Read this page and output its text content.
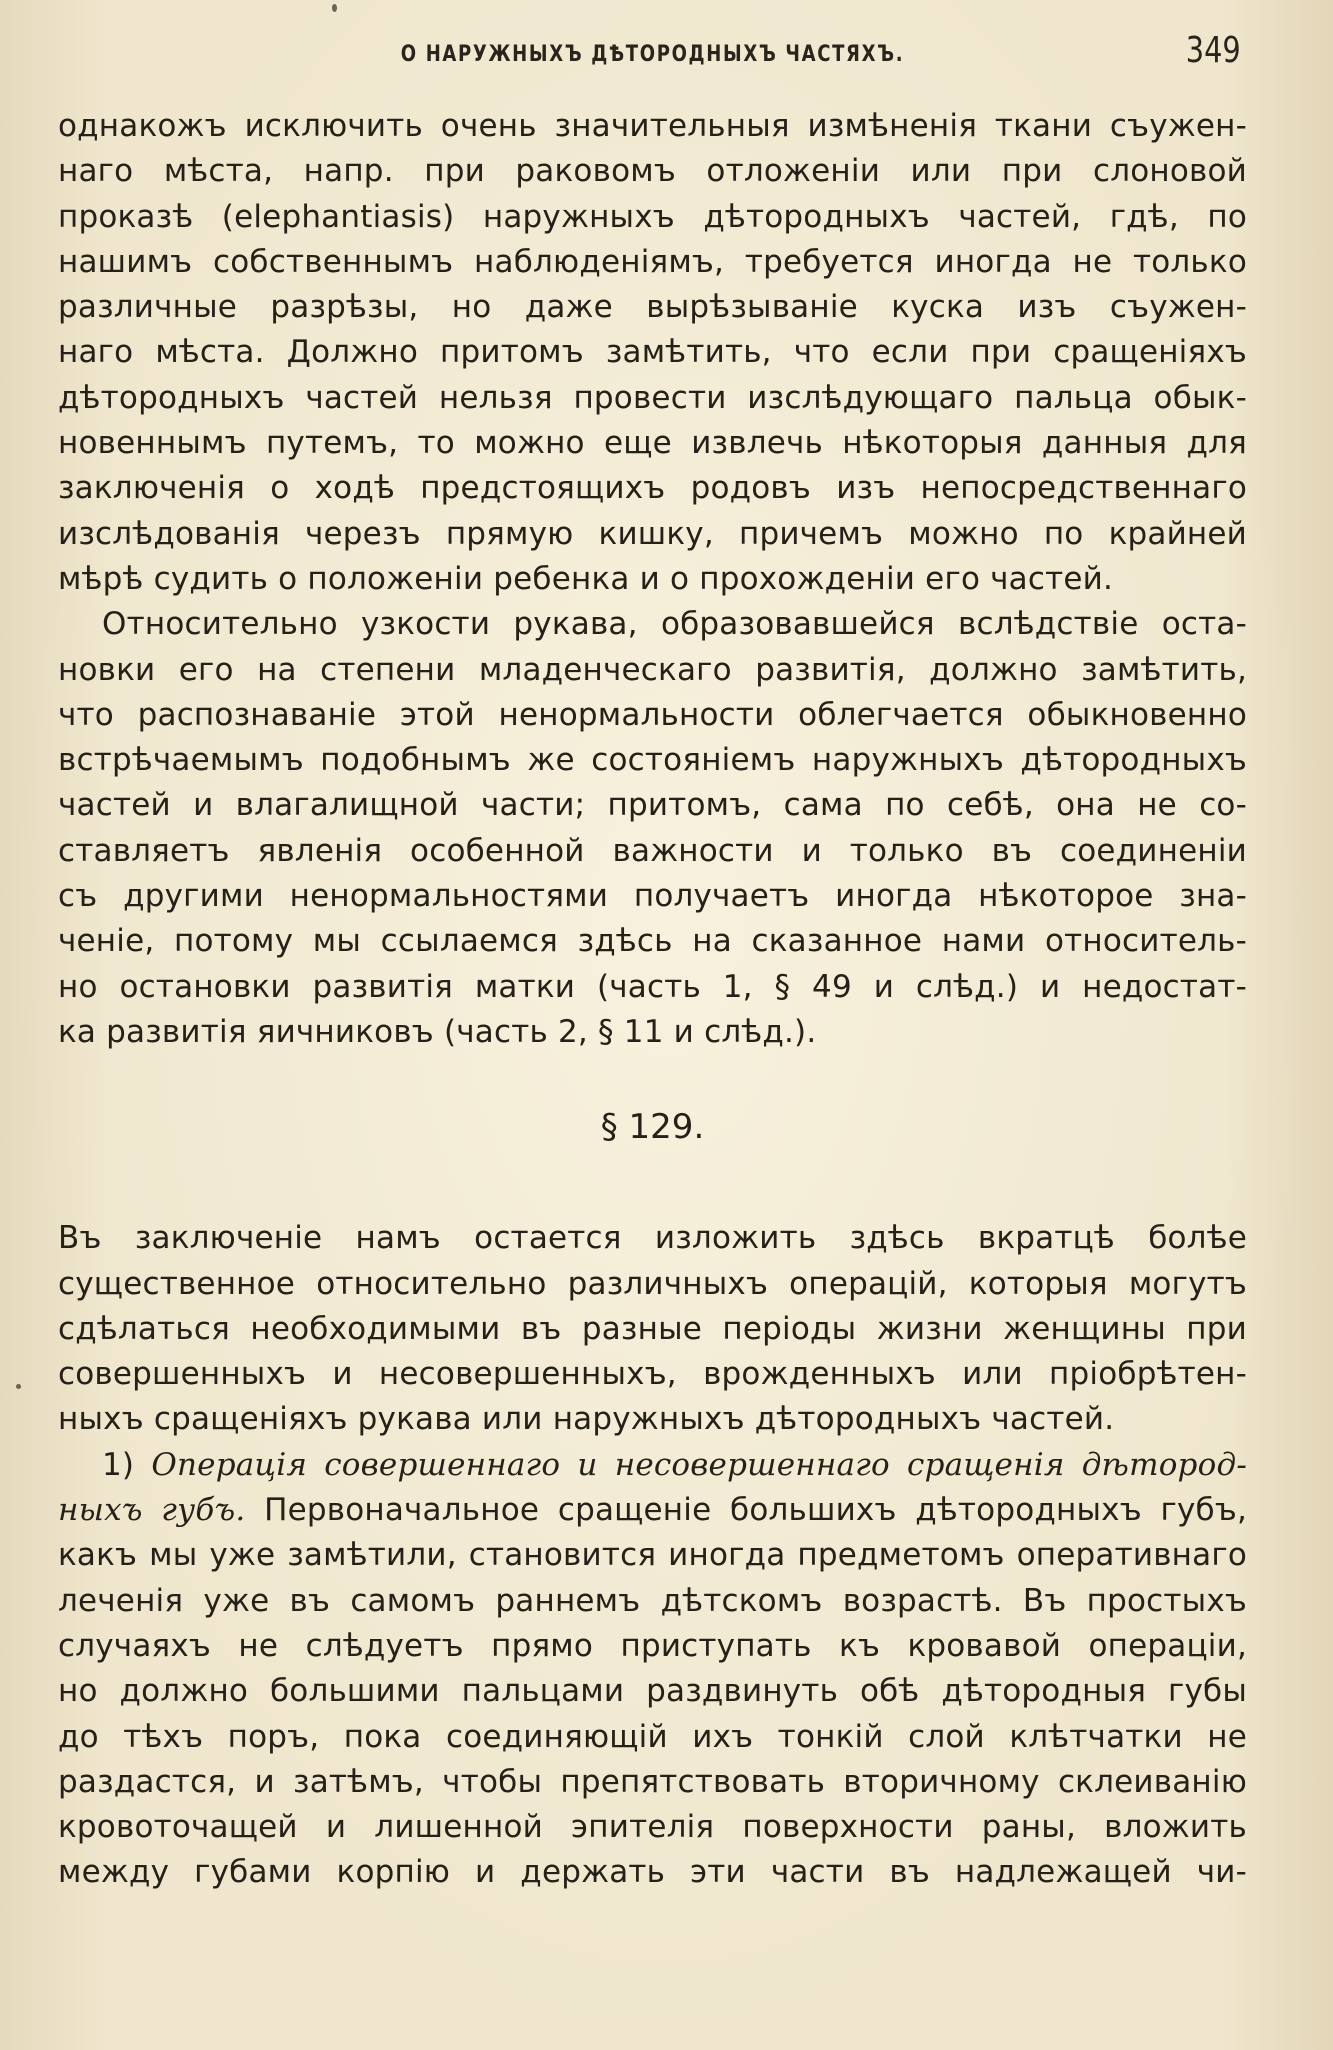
О НАРУЖНЫХЪ ДѢТОРОДНЫХЪ ЧАСТЯХЪ.	349
однакожъ исключить очень значительныя измѣненія ткани съужен-
наго мѣста, напр. при раковомъ отложеніи или при слоновой
проказѣ (elephantiasis) наружныхъ дѣтородныхъ частей, гдѣ, по
нашимъ собственнымъ наблюденіямъ, требуется иногда не только
различные разрѣзы, но даже вырѣзываніе куска изъ съужен-
наго мѣста. Должно притомъ замѣтить, что если при сращеніяхъ
дѣтородныхъ частей нельзя провести изслѣдующаго пальца обык-
новеннымъ путемъ, то можно еще извлечь нѣкоторыя данныя для
заключенія о ходѣ предстоящихъ родовъ изъ непосредственнаго
изслѣдованія черезъ прямую кишку, причемъ можно по крайней
мѣрѣ судить о положеніи ребенка и о прохожденіи его частей.
Относительно узкости рукава, образовавшейся вслѣдствіе оста-
новки его на степени младенческаго развитія, должно замѣтить,
что распознаваніе этой ненормальности облегчается обыкновенно
встрѣчаемымъ подобнымъ же состояніемъ наружныхъ дѣтородныхъ
частей и влагалищной части; притомъ, сама по себѣ, она не со-
ставляетъ явленія особенной важности и только въ соединеніи
съ другими ненормальностями получаетъ иногда нѣкоторое зна-
ченіе, потому мы ссылаемся здѣсь на сказанное нами относитель-
но остановки развитія матки (часть 1, § 49 и слѣд.) и недостат-
ка развитія яичниковъ (часть 2, § 11 и слѣд.).
§ 129.
Въ заключеніе намъ остается изложить здѣсь вкратцѣ болѣе
существенное относительно различныхъ операцій, которыя могутъ
сдѣлаться необходимыми въ разные періоды жизни женщины при
совершенныхъ и несовершенныхъ, врожденныхъ или пріобрѣтен-
ныхъ сращеніяхъ рукава или наружныхъ дѣтородныхъ частей.
1) Операція совершеннаго и несовершеннаго сращенія дѣтород-
ныхъ губъ. Первоначальное сращеніе большихъ дѣтородныхъ губъ,
какъ мы уже замѣтили, становится иногда предметомъ оперативнаго
леченія уже въ самомъ раннемъ дѣтскомъ возрастѣ. Въ простыхъ
случаяхъ не слѣдуетъ прямо приступать къ кровавой операціи,
но должно большими пальцами раздвинуть обѣ дѣтородныя губы
до тѣхъ поръ, пока соединяющій ихъ тонкій слой клѣтчатки не
раздастся, и затѣмъ, чтобы препятствовать вторичному склеиванію
кровоточащей и лишенной эпителія поверхности раны, вложить
между губами корпію и держать эти части въ надлежащей чи-
